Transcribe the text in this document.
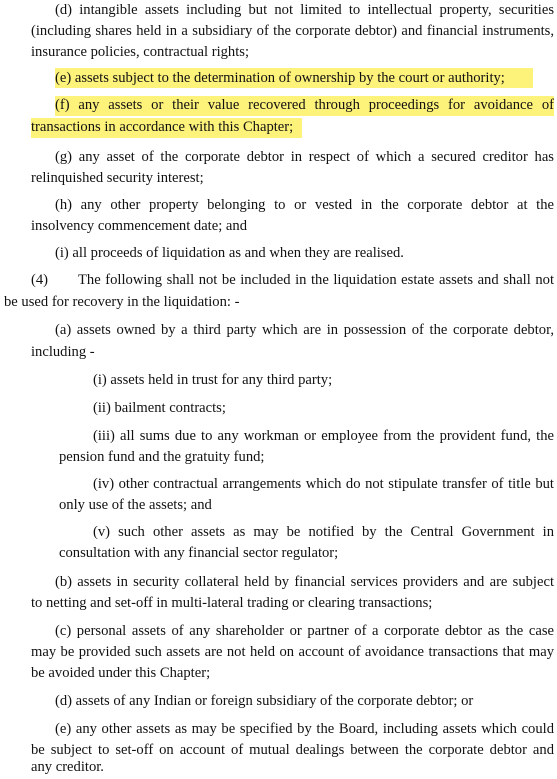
(d) intangible assets including but not limited to intellectual property, securities
(including shares held in a subsidiary of the corporate debtor) and financial instruments,
insurance policies, contractual rights;
(e) assets subject to the determination of ownership by the court or authority;
(f) any assets or their value recovered through proceedings for avoidance of
transactions in accordance with this Chapter;
(g) any asset of the corporate debtor in respect of which a secured creditor has
relinquished security interest;
(h) any other property belonging to or vested in the corporate debtor at the
insolvency commencement date; and
(i) all proceeds of liquidation as and when they are realised.
(4) The following shall not be included in the liquidation estate assets and shall not
be used for recovery in the liquidation: -
(a) assets owned by a third party which are in possession of the corporate debtor,
including -
(i) assets held in trust for any third party;
(ii) bailment contracts;
(iii) all sums due to any workman or employee from the provident fund, the
pension fund and the gratuity fund;
(iv) other contractual arrangements which do not stipulate transfer of title but
only use of the assets; and
(v) such other assets as may be notified by the Central Government in
consultation with any financial sector regulator;
(b) assets in security collateral held by financial services providers and are subject
to netting and set-off in multi-lateral trading or clearing transactions;
(c) personal assets of any shareholder or partner of a corporate debtor as the case
may be provided such assets are not held on account of avoidance transactions that may
be avoided under this Chapter;
(d) assets of any Indian or foreign subsidiary of the corporate debtor; or
(e) any other assets as may be specified by the Board, including assets which could
be subject to set-off on account of mutual dealings between the corporate debtor and
any creditor.
